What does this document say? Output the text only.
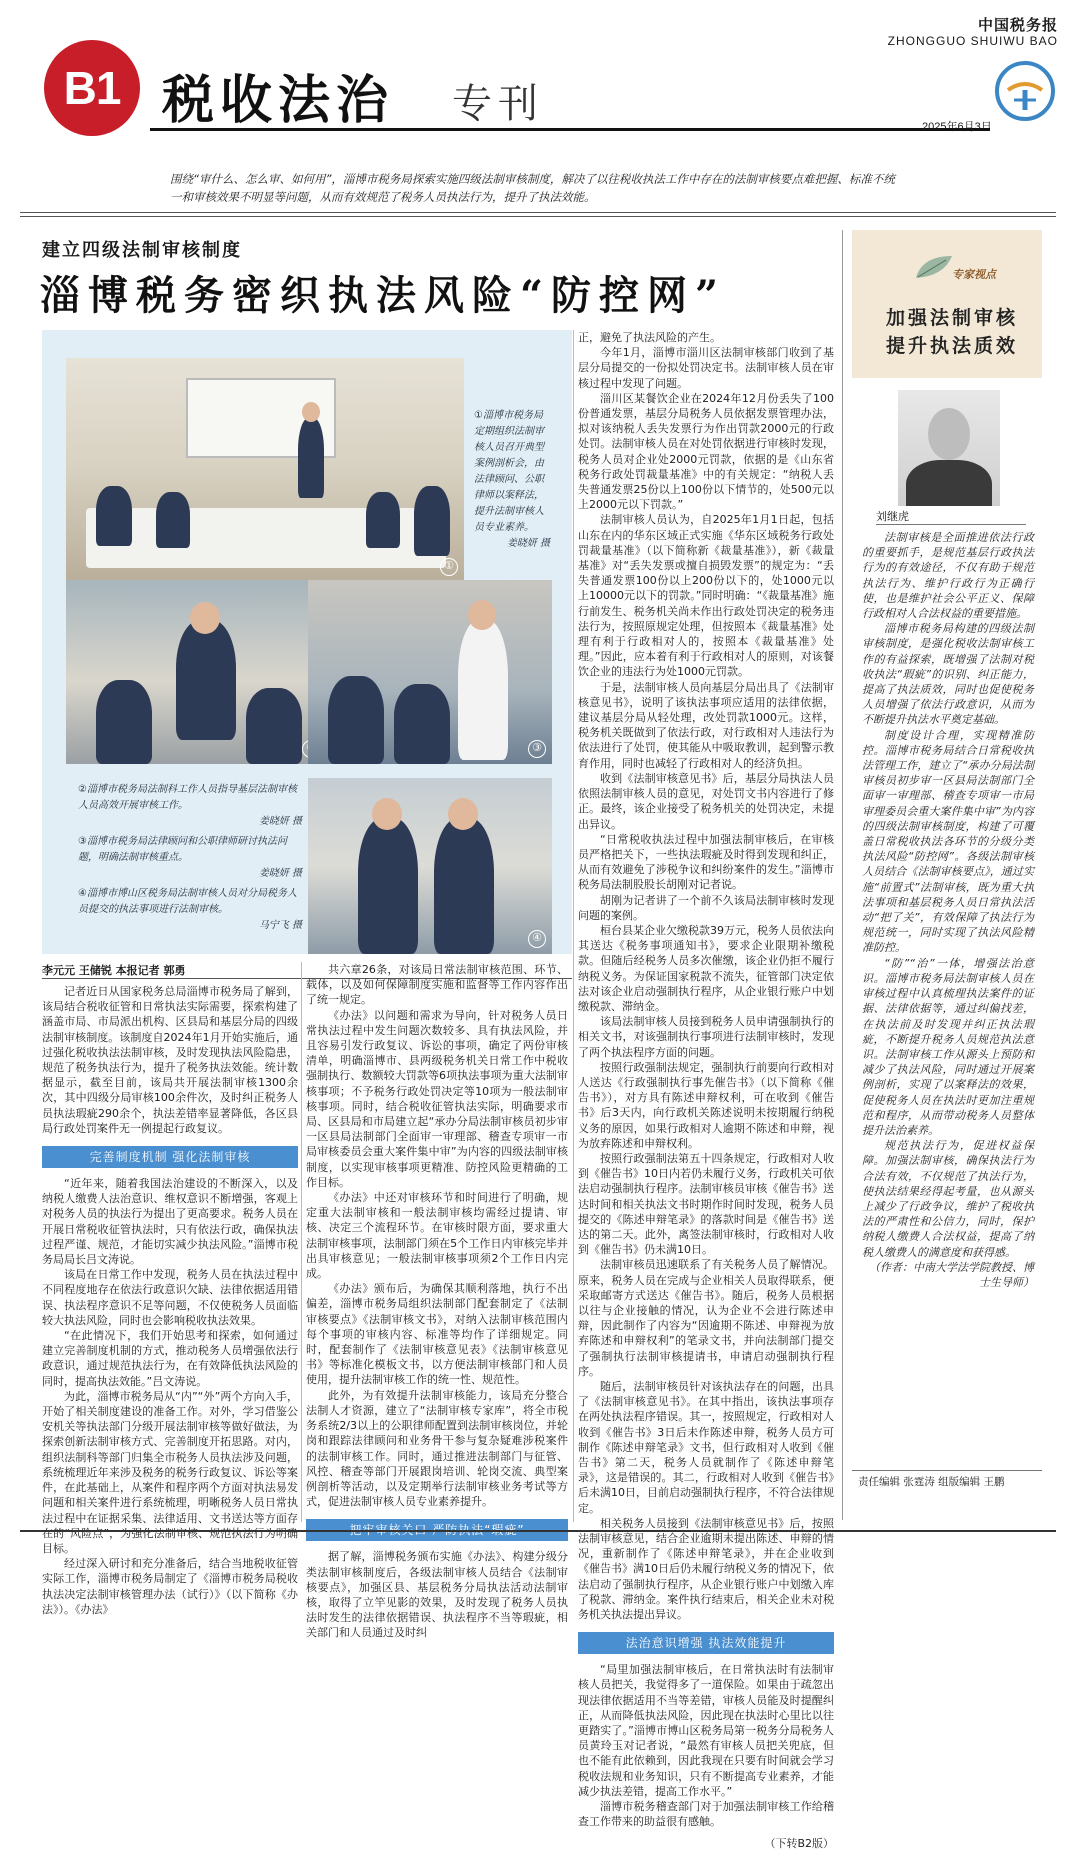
B1 税收法治 专刊
中国税务报
ZHONGGUO SHUIWU BAO
2025年6月3日
围绕“审什么、怎么审、如何用”，淄博市税务局探索实施四级法制审核制度，解决了以往税收执法工作中存在的法制审核要点难把握、标准不统一和审核效果不明显等问题，从而有效规范了税务人员执法行为，提升了执法效能。
建立四级法制审核制度
淄博税务密织执法风险“防控网”
①
①淄博市税务局定期组织法制审核人员召开典型案例剖析会，由法律顾问、公职律师以案释法，提升法制审核人员专业素养。
姜晓妍 摄
③

②淄博市税务局法制科工作人员指导基层法制审核人员高效开展审核工作。
姜晓妍 摄

③淄博市税务局法律顾问和公职律师研讨执法问题，明确法制审核重点。
姜晓妍 摄

④淄博市博山区税务局法制审核人员对分局税务人员提交的执法事项进行法制审核。
马宁飞 摄

④
李元元 王储锐 本报记者 郭勇

记者近日从国家税务总局淄博市税务局了解到，该局结合税收征管和日常执法实际需要，探索构建了涵盖市局、市局派出机构、区县局和基层分局的四级法制审核制度。该制度自2024年1月开始实施后，通过强化税收执法法制审核，及时发现执法风险隐患，规范了税务执法行为，提升了税务执法效能。统计数据显示，截至目前，该局共开展法制审核1300余次，其中四级分局审核100余件次，及时纠正税务人员执法瑕疵290余个，执法差错率显著降低，各区县局行政处罚案件无一例提起行政复议。

完善制度机制 强化法制审核

“近年来，随着我国法治建设的不断深入，以及纳税人缴费人法治意识、维权意识不断增强，客观上对税务人员的执法行为提出了更高要求。税务人员在开展日常税收征管执法时，只有依法行政，确保执法过程严谨、规范，才能切实减少执法风险。”淄博市税务局局长吕文涛说。

该局在日常工作中发现，税务人员在执法过程中不同程度地存在依法行政意识欠缺、法律依据适用错误、执法程序意识不足等问题，不仅使税务人员面临较大执法风险，同时也会影响税收执法效果。

“在此情况下，我们开始思考和探索，如何通过建立完善制度机制的方式，推动税务人员增强依法行政意识，通过规范执法行为，在有效降低执法风险的同时，提高执法效能。”吕文涛说。

为此，淄博市税务局从“内”“外”两个方向入手，开始了相关制度建设的准备工作。对外，学习借鉴公安机关等执法部门分级开展法制审核等做好做法，为探索创新法制审核方式、完善制度开拓思路。对内，组织法制科等部门归集全市税务人员执法涉及问题，系统梳理近年来涉及税务的税务行政复议、诉讼等案件，在此基础上，从案件和程序两个方面对执法易发问题和相关案件进行系统梳理，明晰税务人员日常执法过程中在证据采集、法律适用、文书送达等方面存在的“风险点”，为强化法制审核、规范执法行为明确目标。

经过深入研讨和充分准备后，结合当地税收征管实际工作，淄博市税务局制定了《淄博市税务局税收执法决定法制审核管理办法（试行）》（以下简称《办法》）。《办法》

共六章26条，对该局日常法制审核范围、环节、载体，以及如何保障制度实施和监督等工作内容作出了统一规定。

《办法》以问题和需求为导向，针对税务人员日常执法过程中发生问题次数较多、具有执法风险，并且容易引发行政复议、诉讼的事项，确定了两份审核清单，明确淄博市、县两级税务机关日常工作中税收强制执行、数额较大罚款等6项执法事项为重大法制审核事项；不予税务行政处罚决定等10项为一般法制审核事项。同时，结合税收征管执法实际，明确要求市局、区县局和市局建立起“承办分局法制审核员初步审一区县局法制部门全面审一审理部、稽查专项审一市局审核委员会重大案件集中审”为内容的四级法制审核制度，以实现审核事项更精准、防控风险更精确的工作目标。

《办法》中还对审核环节和时间进行了明确，规定重大法制审核和一般法制审核均需经过提请、审核、决定三个流程环节。在审核时限方面，要求重大法制审核事项，法制部门须在5个工作日内审核完毕并出具审核意见；一般法制审核事项须2个工作日内完成。

《办法》颁布后，为确保其顺利落地，执行不出偏差，淄博市税务局组织法制部门配套制定了《法制审核要点》《法制审核文书》，对纳入法制审核范围内每个事项的审核内容、标准等均作了详细规定。同时，配套制作了《法制审核意见表》《法制审核意见书》等标准化模板文书，以方便法制审核部门和人员使用，提升法制审核工作的统一性、规范性。

此外，为有效提升法制审核能力，该局充分整合法制人才资源，建立了“法制审核专家库”，将全市税务系统2/3以上的公职律师配置到法制审核岗位，并轮岗和跟踪法律顾问和业务骨干参与复杂疑难涉税案件的法制审核工作。同时，通过推进法制部门与征管、风控、稽查等部门开展跟岗培训、轮岗交流、典型案例剖析等活动，以及定期举行法制审核业务考试等方式，促进法制审核人员专业素养提升。

把牢审核关口 严防执法“瑕疵”

据了解，淄博税务颁布实施《办法》、构建分级分类法制审核制度后，各级法制审核人员结合《法制审核要点》，加强区县、基层税务分局执法活动法制审核，取得了立竿见影的效果，及时发现了税务人员执法时发生的法律依据错误、执法程序不当等瑕疵，相关部门和人员通过及时纠

正，避免了执法风险的产生。

今年1月，淄博市淄川区法制审核部门收到了基层分局提交的一份拟处罚决定书。法制审核人员在审核过程中发现了问题。

淄川区某餐饮企业在2024年12月份丢失了100份普通发票，基层分局税务人员依据发票管理办法，拟对该纳税人丢失发票行为作出罚款2000元的行政处罚。法制审核人员在对处罚依据进行审核时发现，税务人员对企业处2000元罚款，依据的是《山东省税务行政处罚裁量基准》中的有关规定：“纳税人丢失普通发票25份以上100份以下情节的，处500元以上2000元以下罚款。”

法制审核人员认为，自2025年1月1日起，包括山东在内的华东区域正式实施《华东区域税务行政处罚裁量基准》（以下简称新《裁量基准》），新《裁量基准》对“丢失发票或擅自损毁发票”的规定为：“丢失普通发票100份以上200份以下的，处1000元以上10000元以下的罚款。”同时明确：“《裁量基准》施行前发生、税务机关尚未作出行政处罚决定的税务违法行为，按照原规定处理，但按照本《裁量基准》处理有利于行政相对人的，按照本《裁量基准》处理。”因此，应本着有利于行政相对人的原则，对该餐饮企业的违法行为处1000元罚款。

于是，法制审核人员向基层分局出具了《法制审核意见书》，说明了该执法事项应适用的法律依据，建议基层分局从轻处理，改处罚款1000元。这样，税务机关既做到了依法行政，对行政相对人违法行为依法进行了处罚，使其能从中吸取教训，起到警示教育作用，同时也减轻了行政相对人的经济负担。

收到《法制审核意见书》后，基层分局执法人员依照法制审核人员的意见，对处罚文书内容进行了修正。最终，该企业接受了税务机关的处罚决定，未提出异议。

“日常税收执法过程中加强法制审核后，在审核员严格把关下，一些执法瑕疵及时得到发现和纠正，从而有效避免了涉税争议和纠纷案件的发生。”淄博市税务局法制股股长胡刚对记者说。

胡刚为记者讲了一个前不久该局法制审核时发现问题的案例。

桓台县某企业欠缴税款39万元，税务人员依法向其送达《税务事项通知书》，要求企业限期补缴税款。但随后经税务人员多次催缴，该企业仍拒不履行纳税义务。为保证国家税款不流失，征管部门决定依法对该企业启动强制执行程序，从企业银行账户中划缴税款、滞纳金。

该局法制审核人员接到税务人员申请强制执行的相关文书，对该强制执行事项进行法制审核时，发现了两个执法程序方面的问题。

按照行政强制法规定，强制执行前要向行政相对人送达《行政强制执行事先催告书》（以下简称《催告书》），对方具有陈述申辩权利，可在收到《催告书》后3天内，向行政机关陈述说明未按期履行纳税义务的原因，如果行政相对人逾期不陈述和申辩，视为放弃陈述和申辩权利。

按照行政强制法第五十四条规定，行政相对人收到《催告书》10日内若仍未履行义务，行政机关可依法启动强制执行程序。法制审核员审核《催告书》送达时间和相关执法文书时期作时间时发现，税务人员提交的《陈述申辩笔录》的落款时间是《催告书》送达的第二天。此外，离签法制审核时，行政相对人收到《催告书》仍未满10日。

法制审核员迅速联系了有关税务人员了解情况。原来，税务人员在完成与企业相关人员取得联系，便采取邮寄方式送达《催告书》。随后，税务人员根据以往与企业接触的情况，认为企业不会进行陈述申辩，因此制作了内容为“因逾期不陈述、申辩视为放弃陈述和申辩权利”的笔录文书，并向法制部门提交了强制执行法制审核提请书，申请启动强制执行程序。

随后，法制审核员针对该执法存在的问题，出具了《法制审核意见书》。在其中指出，该执法事项存在两处执法程序错误。其一，按照规定，行政相对人收到《催告书》3日后未作陈述申辩，税务人员方可制作《陈述申辩笔录》文书，但行政相对人收到《催告书》第二天，税务人员就制作了《陈述申辩笔录》，这是错误的。其二，行政相对人收到《催告书》后未满10日，目前启动强制执行程序，不符合法律规定。

相关税务人员接到《法制审核意见书》后，按照法制审核意见，结合企业逾期未提出陈述、申辩的情况，重新制作了《陈述申辩笔录》，并在企业收到《催告书》满10日后仍未履行纳税义务的情况下，依法启动了强制执行程序，从企业银行账户中划缴入库了税款、滞纳金。案件执行结束后，相关企业未对税务机关执法提出异议。

法治意识增强 执法效能提升

“局里加强法制审核后，在日常执法时有法制审核人员把关，我觉得多了一道保险。如果由于疏忽出现法律依据适用不当等差错，审核人员能及时提醒纠正，从而降低执法风险，因此现在执法时心里比以往更踏实了。”淄博市博山区税务局第一税务分局税务人员黄玲玉对记者说，“最然有审核人员把关兜底，但也不能有此依赖到，因此我现在只要有时间就会学习税收法规和业务知识，只有不断提高专业素养，才能减少执法差错，提高工作水平。”

淄博市税务稽查部门对于加强法制审核工作给稽查工作带来的助益很有感触。

（下转B2版）
专家视点
加强法制审核
提升执法质效
刘继虎

法制审核是全面推进依法行政的重要抓手，是规范基层行政执法行为的有效途径，不仅有助于规范执法行为、维护行政行为正确行使，也是维护社会公平正义、保障行政相对人合法权益的重要措施。

淄博市税务局构建的四级法制审核制度，是强化税收法制审核工作的有益探索，既增强了法制对税收执法“瑕疵”的识别、纠正能力，提高了执法质效，同时也促使税务人员增强了依法行政意识，从而为不断提升执法水平奠定基础。

制度设计合理，实现精准防控。淄博市税务局结合日常税收执法管理工作，建立了“承办分局法制审核员初步审一区县局法制部门全面审一审理部、稽查专项审一市局审理委员会重大案件集中审”为内容的四级法制审核制度，构建了可覆盖日常税收执法各环节的分级分类执法风险“防控网”。各级法制审核人员结合《法制审核要点》，通过实施“前置式”法制审核，既为重大执法事项和基层税务人员日常执法活动“把了关”，有效保障了执法行为规范统一，同时实现了执法风险精准防控。

“防”“治”一体，增强法治意识。淄博市税务局法制审核人员在审核过程中认真梳理执法案件的证据、法律依据等，通过纠偏找差，在执法前及时发现并纠正执法瑕疵，不断提升税务人员规范执法意识。法制审核工作从源头上预防和减少了执法风险，同时通过开展案例剖析，实现了以案释法的效果，促使税务人员在执法时更加注重规范和程序，从而带动税务人员整体提升法治素养。

规范执法行为，促进权益保障。加强法制审核，确保执法行为合法有效，不仅规范了执法行为，使执法结果经得起考量，也从源头上减少了行政争议，维护了税收执法的严肃性和公信力，同时，保护纳税人缴费人合法权益，提高了纳税人缴费人的满意度和获得感。

（作者：中南大学法学院教授、博士生导师）

责任编辑 张霆涛 组版编辑 王鹏
